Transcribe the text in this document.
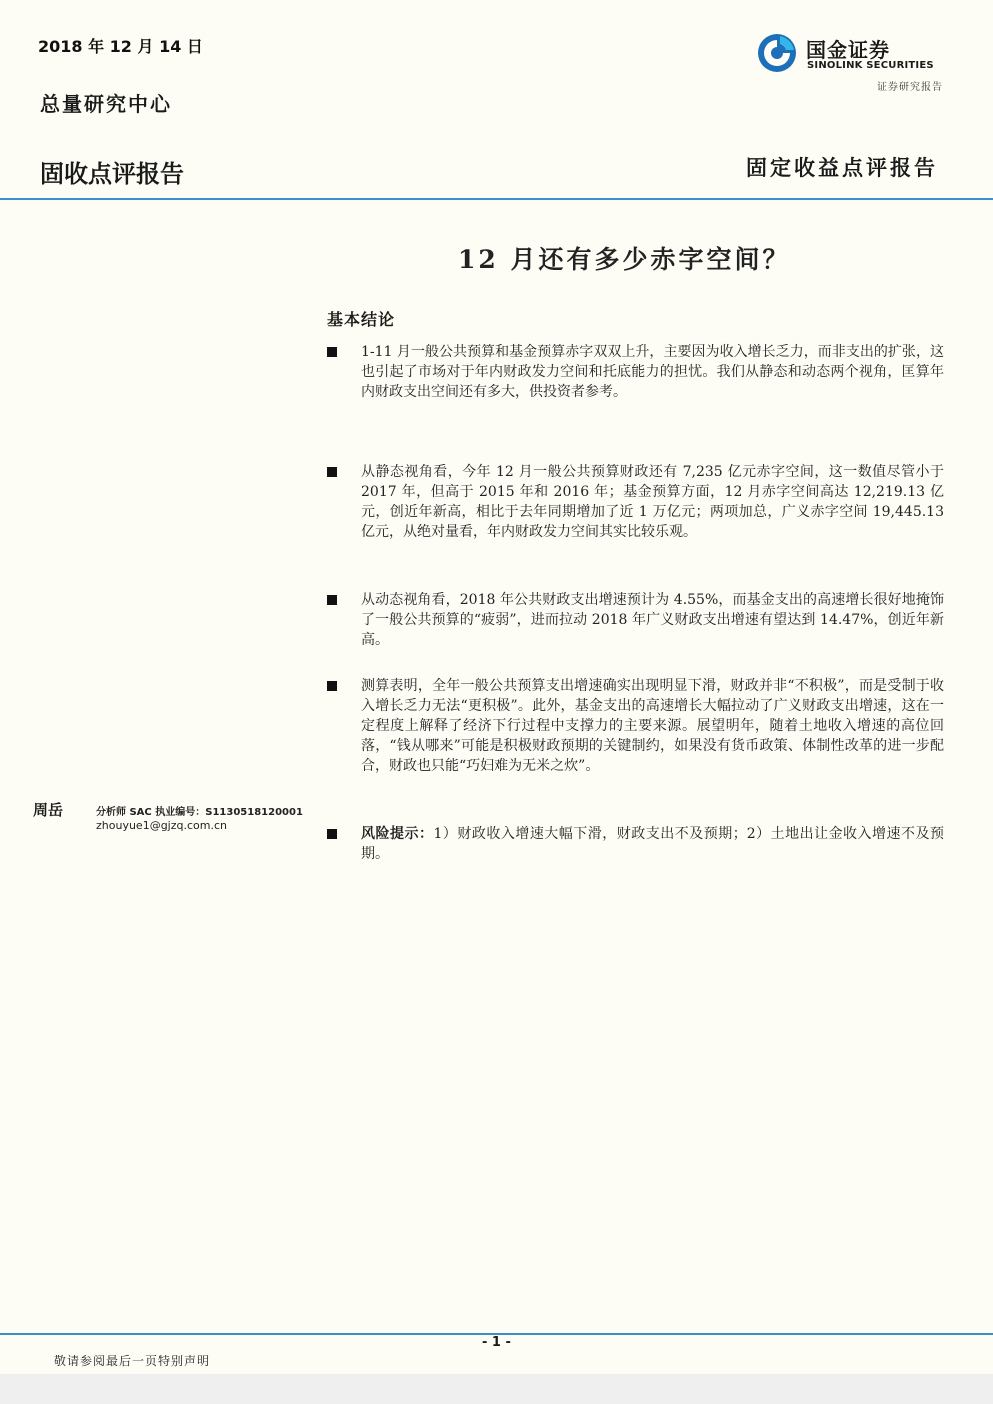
2018 年 12 月 14 日
总量研究中心
固收点评报告	固定收益点评报告
国金证券
SINOLINK SECURITIES
证券研究报告
12 月还有多少赤字空间？
基本结论
1-11 月一般公共预算和基金预算赤字双双上升，主要因为收入增长乏力，而非支出的扩张，这也引起了市场对于年内财政发力空间和托底能力的担忧。我们从静态和动态两个视角，匡算年内财政支出空间还有多大，供投资者参考。
从静态视角看，今年 12 月一般公共预算财政还有 7,235 亿元赤字空间，这一数值尽管小于 2017 年，但高于 2015 年和 2016 年；基金预算方面，12 月赤字空间高达 12,219.13 亿元，创近年新高，相比于去年同期增加了近 1 万亿元；两项加总，广义赤字空间 19,445.13 亿元，从绝对量看，年内财政发力空间其实比较乐观。
从动态视角看，2018 年公共财政支出增速预计为 4.55%，而基金支出的高速增长很好地掩饰了一般公共预算的“疲弱”，进而拉动 2018 年广义财政支出增速有望达到 14.47%，创近年新高。
测算表明，全年一般公共预算支出增速确实出现明显下滑，财政并非“不积极”，而是受制于收入增长乏力无法“更积极”。此外，基金支出的高速增长大幅拉动了广义财政支出增速，这在一定程度上解释了经济下行过程中支撑力的主要来源。展望明年，随着土地收入增速的高位回落，“钱从哪来”可能是积极财政预期的关键制约，如果没有货币政策、体制性改革的进一步配合，财政也只能“巧妇难为无米之炊”。
风险提示：1）财政收入增速大幅下滑，财政支出不及预期；2）土地出让金收入增速不及预期。
周岳	分析师 SAC 执业编号：S1130518120001
zhouyue1@gjzq.com.cn
- 1 -
敬请参阅最后一页特别声明
